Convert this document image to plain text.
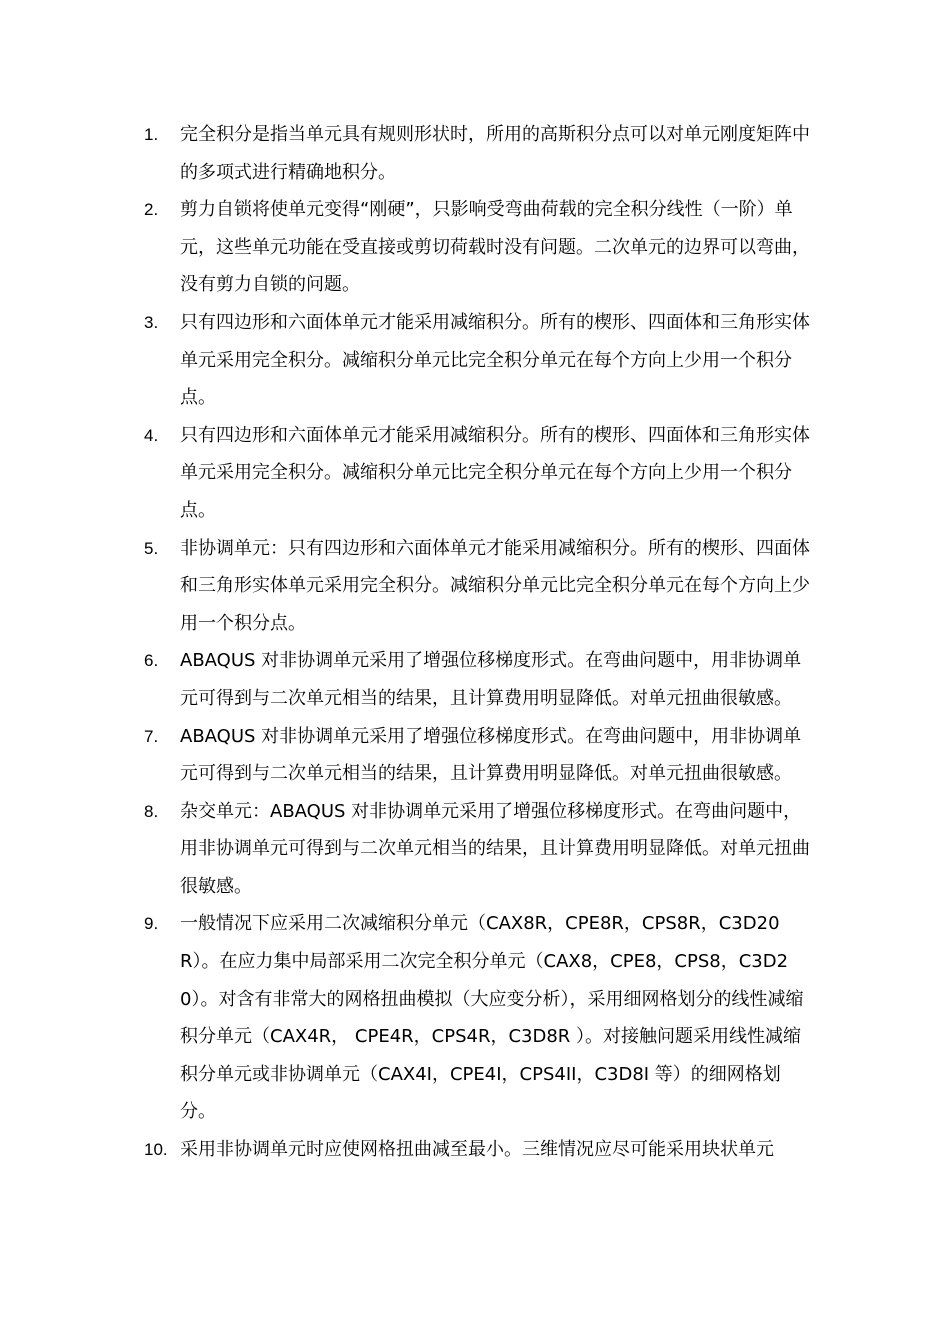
1.	完全积分是指当单元具有规则形状时，所用的高斯积分点可以对单元刚度矩阵中的多项式进行精确地积分。
2.	剪力自锁将使单元变得“刚硬”，只影响受弯曲荷载的完全积分线性（一阶）单元，这些单元功能在受直接或剪切荷载时没有问题。二次单元的边界可以弯曲，没有剪力自锁的问题。
3.	只有四边形和六面体单元才能采用减缩积分。所有的楔形、四面体和三角形实体单元采用完全积分。减缩积分单元比完全积分单元在每个方向上少用一个积分点。
4.	只有四边形和六面体单元才能采用减缩积分。所有的楔形、四面体和三角形实体单元采用完全积分。减缩积分单元比完全积分单元在每个方向上少用一个积分点。
5.	非协调单元：只有四边形和六面体单元才能采用减缩积分。所有的楔形、四面体和三角形实体单元采用完全积分。减缩积分单元比完全积分单元在每个方向上少用一个积分点。
6.	ABAQUS 对非协调单元采用了增强位移梯度形式。在弯曲问题中，用非协调单元可得到与二次单元相当的结果，且计算费用明显降低。对单元扭曲很敏感。
7.	ABAQUS 对非协调单元采用了增强位移梯度形式。在弯曲问题中，用非协调单元可得到与二次单元相当的结果，且计算费用明显降低。对单元扭曲很敏感。
8.	杂交单元：ABAQUS 对非协调单元采用了增强位移梯度形式。在弯曲问题中，用非协调单元可得到与二次单元相当的结果，且计算费用明显降低。对单元扭曲很敏感。
9.	一般情况下应采用二次减缩积分单元（CAX8R，CPE8R，CPS8R，C3D20R）。在应力集中局部采用二次完全积分单元（CAX8，CPE8，CPS8，C3D20）。对含有非常大的网格扭曲模拟（大应变分析），采用细网格划分的线性减缩积分单元（CAX4R， CPE4R，CPS4R，C3D8R ）。对接触问题采用线性减缩积分单元或非协调单元（CAX4I，CPE4I，CPS4II，C3D8I 等）的细网格划分。
10. 采用非协调单元时应使网格扭曲减至最小。三维情况应尽可能采用块状单元
